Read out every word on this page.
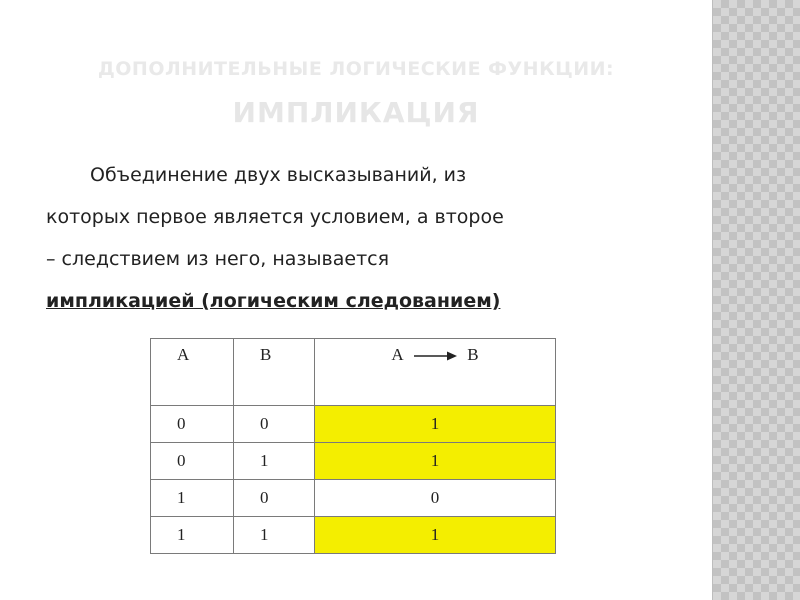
ДОПОЛНИТЕЛЬНЫЕ ЛОГИЧЕСКИЕ ФУНКЦИИ:
ИМПЛИКАЦИЯ
Объединение двух высказываний, из
которых первое является условием, а второе
– следствием из него, называется
импликацией (логическим следованием)
A	B	A B
0	0	1
0	1	1
1	0	0
1	1	1
